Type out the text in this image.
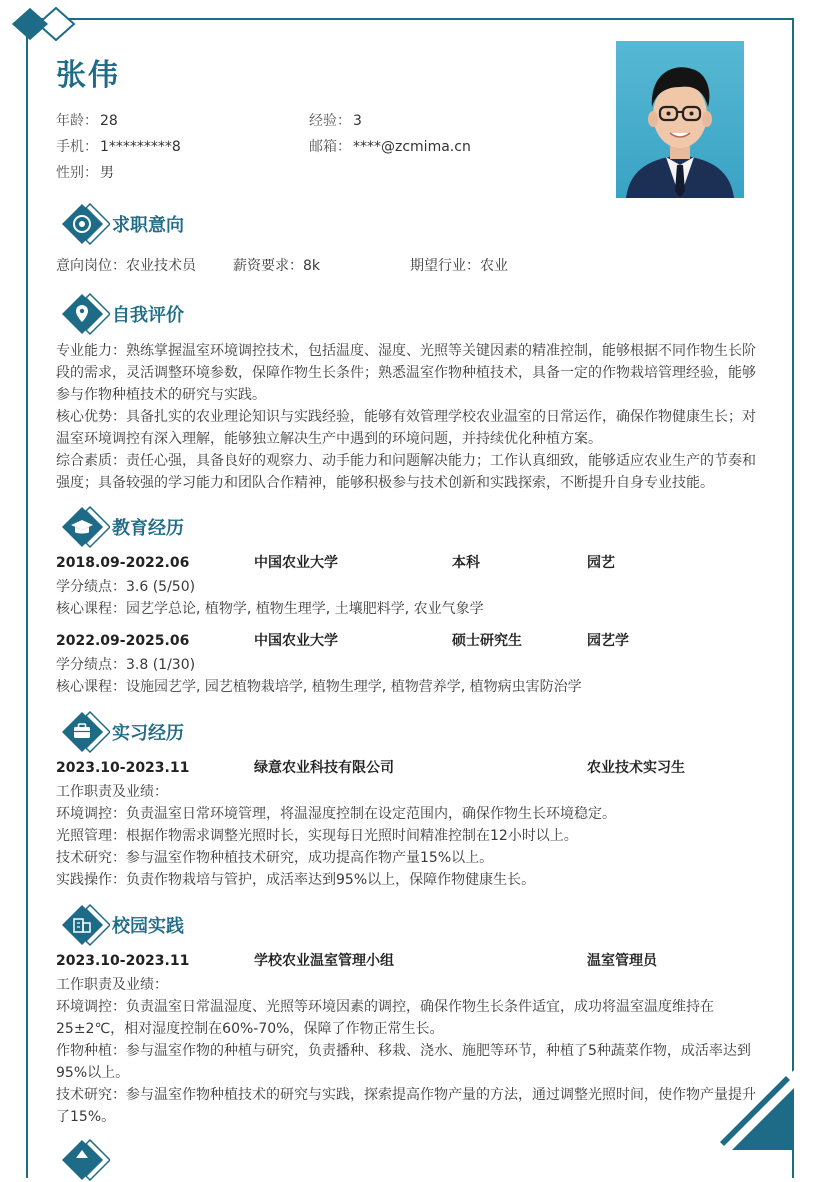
张伟
年龄： 28	经验： 3
手机： 1*********8	邮箱： ****@zcmima.cn
性别： 男
求职意向
意向岗位：农业技术员	薪资要求：8k	期望行业：农业
自我评价
专业能力：熟练掌握温室环境调控技术，包括温度、湿度、光照等关键因素的精准控制，能够根据不同作物生长阶段的需求，灵活调整环境参数，保障作物生长条件；熟悉温室作物种植技术，具备一定的作物栽培管理经验，能够参与作物种植技术的研究与实践。
核心优势：具备扎实的农业理论知识与实践经验，能够有效管理学校农业温室的日常运作，确保作物健康生长；对温室环境调控有深入理解，能够独立解决生产中遇到的环境问题，并持续优化种植方案。
综合素质：责任心强，具备良好的观察力、动手能力和问题解决能力；工作认真细致，能够适应农业生产的节奏和强度；具备较强的学习能力和团队合作精神，能够积极参与技术创新和实践探索，不断提升自身专业技能。
教育经历
2018.09-2022.06	中国农业大学	本科	园艺
学分绩点：3.6 (5/50)
核心课程：园艺学总论, 植物学, 植物生理学, 土壤肥料学, 农业气象学
2022.09-2025.06	中国农业大学	硕士研究生	园艺学
学分绩点：3.8 (1/30)
核心课程：设施园艺学, 园艺植物栽培学, 植物生理学, 植物营养学, 植物病虫害防治学
实习经历
2023.10-2023.11	绿意农业科技有限公司	农业技术实习生
工作职责及业绩：
环境调控：负责温室日常环境管理，将温湿度控制在设定范围内，确保作物生长环境稳定。
光照管理：根据作物需求调整光照时长，实现每日光照时间精准控制在12小时以上。
技术研究：参与温室作物种植技术研究，成功提高作物产量15%以上。
实践操作：负责作物栽培与管护，成活率达到95%以上，保障作物健康生长。
校园实践
2023.10-2023.11	学校农业温室管理小组	温室管理员
工作职责及业绩：
环境调控：负责温室日常温湿度、光照等环境因素的调控，确保作物生长条件适宜，成功将温室温度维持在25±2℃，相对湿度控制在60%-70%，保障了作物正常生长。
作物种植：参与温室作物的种植与研究，负责播种、移栽、浇水、施肥等环节，种植了5种蔬菜作物，成活率达到95%以上。
技术研究：参与温室作物种植技术的研究与实践，探索提高作物产量的方法，通过调整光照时间，使作物产量提升了15%。
